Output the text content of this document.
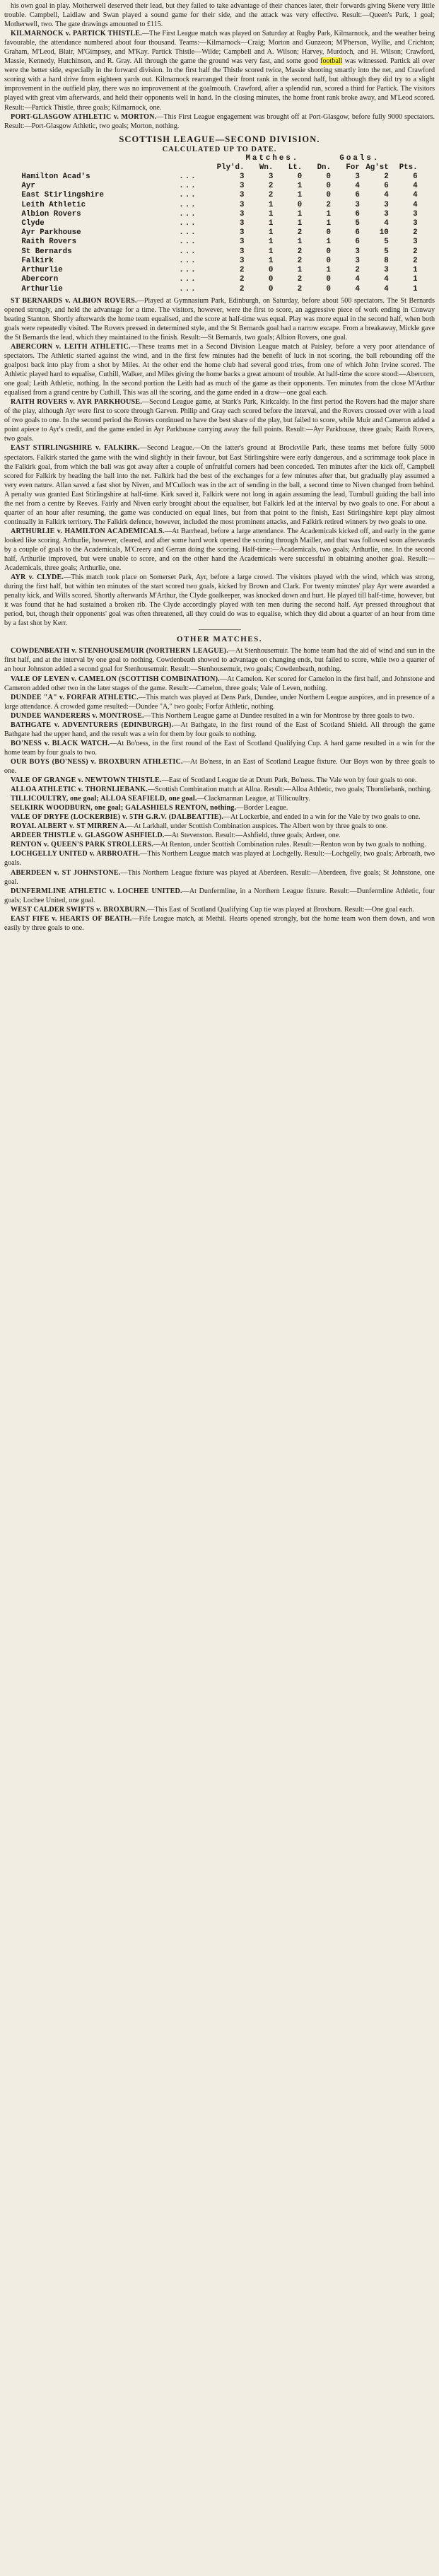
his own goal in play. Motherwell deserved their lead, but they failed to take advantage of their chances later, their forwards giving Skene very little trouble. Campbell, Laidlaw and Swan played a sound game for their side, and the attack was very effective. Result:—Queen's Park, 1 goal; Motherwell, two. The gate drawings amounted to £115.

KILMARNOCK v. PARTICK THISTLE.—The First League match was played on Saturday at Rugby Park, Kilmarnock, and the weather being favourable, the attendance numbered about four thousand. Teams:—Kilmarnock—Craig; Morton and Gunzeon; M'Pherson, Wyllie, and Crichton; Graham, M'Leod, Blair, M'Gimpsey, and M'Kay. Partick Thistle—Wilde; Campbell and A. Wilson; Harvey, Murdoch, and H. Wilson; Crawford, Massie, Kennedy, Hutchinson, and R. Gray. All through the game the ground was very fast, and some good football was witnessed. Partick all over were the better side, especially in the forward division. In the first half the Thistle scored twice, Massie shooting smartly into the net, and Crawford scoring with a hard drive from eighteen yards out. Kilmarnock rearranged their front rank in the second half, but although they did try to a slight improvement in the outfield play, there was no improvement at the goalmouth. Crawford, after a splendid run, scored a third for Partick. The visitors played with great vim afterwards, and held their opponents well in hand. In the closing minutes, the home front rank broke away, and M'Leod scored. Result:—Partick Thistle, three goals; Kilmarnock, one.

PORT-GLASGOW ATHLETIC v. MORTON.—This First League engagement was brought off at Port-Glasgow, before fully 9000 spectators. Result:—Port-Glasgow Athletic, two goals; Morton, nothing.

SCOTTISH LEAGUE—SECOND DIVISION.
CALCULATED UP TO DATE.
		Matches.				Goals.		
		Ply'd.	Wn.	Lt.	Dn.	For	Ag'st	Pts.
Hamilton Acad's	...	3	3	0	0	3	2	6
Ayr	...	3	2	1	0	4	6	4
East Stirlingshire	...	3	2	1	0	6	4	4
Leith Athletic	...	3	1	0	2	3	3	4
Albion Rovers	...	3	1	1	1	6	3	3
Clyde	...	3	1	1	1	5	4	3
Ayr Parkhouse	...	3	1	2	0	6	10	2
Raith Rovers	...	3	1	1	1	6	5	3
St Bernards	...	3	1	2	0	3	5	2
Falkirk	...	3	1	2	0	3	8	2
Arthurlie	...	2	0	1	1	2	3	1
Abercorn	...	2	0	2	0	4	4	1
Arthurlie	...	2	0	2	0	4	4	1

ST BERNARDS v. ALBION ROVERS.—Played at Gymnasium Park, Edinburgh, on Saturday, before about 500 spectators. The St Bernards opened strongly, and held the advantage for a time. The visitors, however, were the first to score, an aggressive piece of work ending in Conway beating Stanton. Shortly afterwards the home team equalised, and the score at half-time was equal. Play was more equal in the second half, when both goals were repeatedly visited. The Rovers pressed in determined style, and the St Bernards goal had a narrow escape. From a breakaway, Mickle gave the St Bernards the lead, which they maintained to the finish. Result:—St Bernards, two goals; Albion Rovers, one goal.

ABERCORN v. LEITH ATHLETIC.—These teams met in a Second Division League match at Paisley, before a very poor attendance of spectators. The Athletic started against the wind, and in the first few minutes had the benefit of luck in not scoring, the ball rebounding off the goalpost back into play from a shot by Miles. At the other end the home club had several good tries, from one of which John Irvine scored. The Athletic played hard to equalise, Cuthill, Walker, and Miles giving the home backs a great amount of trouble. At half-time the score stood:—Abercorn, one goal; Leith Athletic, nothing. In the second portion the Leith had as much of the game as their opponents. Ten minutes from the close M'Arthur equalised from a grand centre by Cuthill. This was all the scoring, and the game ended in a draw—one goal each.

RAITH ROVERS v. AYR PARKHOUSE.—Second League game, at Stark's Park, Kirkcaldy. In the first period the Rovers had the major share of the play, although Ayr were first to score through Garven. Philip and Gray each scored before the interval, and the Rovers crossed over with a lead of two goals to one. In the second period the Rovers continued to have the best share of the play, but failed to score, while Muir and Cameron added a point apiece to Ayr's credit, and the game ended in Ayr Parkhouse carrying away the full points. Result:—Ayr Parkhouse, three goals; Raith Rovers, two goals.

EAST STIRLINGSHIRE v. FALKIRK.—Second League.—On the latter's ground at Brockville Park, these teams met before fully 5000 spectators. Falkirk started the game with the wind slightly in their favour, but East Stirlingshire were early dangerous, and a scrimmage took place in the Falkirk goal, from which the ball was got away after a couple of unfruitful corners had been conceded. Ten minutes after the kick off, Campbell scored for Falkirk by heading the ball into the net. Falkirk had the best of the exchanges for a few minutes after that, but gradually play assumed a very even nature. Allan saved a fast shot by Niven, and M'Culloch was in the act of sending in the ball, a second time to Niven changed from behind. A penalty was granted East Stirlingshire at half-time. Kirk saved it, Falkirk were not long in again assuming the lead, Turnbull guiding the ball into the net from a centre by Reeves. Fairly and Niven early brought about the equaliser, but Falkirk led at the interval by two goals to one. For about a quarter of an hour after resuming, the game was conducted on equal lines, but from that point to the finish, East Stirlingshire kept play almost continually in Falkirk territory. The Falkirk defence, however, included the most prominent attacks, and Falkirk retired winners by two goals to one.

ARTHURLIE v. HAMILTON ACADEMICALS.—At Barrhead, before a large attendance. The Academicals kicked off, and early in the game looked like scoring. Arthurlie, however, cleared, and after some hard work opened the scoring through Mailler, and that was followed soon afterwards by a couple of goals to the Academicals, M'Creery and Gerran doing the scoring. Half-time:—Academicals, two goals; Arthurlie, one. In the second half, Arthurlie improved, but were unable to score, and on the other hand the Academicals were successful in obtaining another goal. Result:—Academicals, three goals; Arthurlie, one.

AYR v. CLYDE.—This match took place on Somerset Park, Ayr, before a large crowd. The visitors played with the wind, which was strong, during the first half, but within ten minutes of the start scored two goals, kicked by Brown and Clark. For twenty minutes' play Ayr were awarded a penalty kick, and Wills scored. Shortly afterwards M'Arthur, the Clyde goalkeeper, was knocked down and hurt. He played till half-time, however, but it was found that he had sustained a broken rib. The Clyde accordingly played with ten men during the second half. Ayr pressed throughout that period, but, though their opponents' goal was often threatened, all they could do was to equalise, which they did about a quarter of an hour from time by a fast shot by Kerr.

OTHER MATCHES.

COWDENBEATH v. STENHOUSEMUIR (NORTHERN LEAGUE).—At Stenhousemuir. The home team had the aid of wind and sun in the first half, and at the interval by one goal to nothing. Cowdenbeath showed to advantage on changing ends, but failed to score, while two a quarter of an hour Johnston added a second goal for Stenhousemuir. Result:—Stenhousemuir, two goals; Cowdenbeath, nothing.

VALE OF LEVEN v. CAMELON (SCOTTISH COMBINATION).—At Camelon. Ker scored for Camelon in the first half, and Johnstone and Cameron added other two in the later stages of the game. Result:—Camelon, three goals; Vale of Leven, nothing.

DUNDEE "A" v. FORFAR ATHLETIC.—This match was played at Dens Park, Dundee, under Northern League auspices, and in presence of a large attendance. A crowded game resulted:—Dundee "A," two goals; Forfar Athletic, nothing.

DUNDEE WANDERERS v. MONTROSE.—This Northern League game at Dundee resulted in a win for Montrose by three goals to two.

BATHGATE v. ADVENTURERS (EDINBURGH).—At Bathgate, in the first round of the East of Scotland Shield. All through the game Bathgate had the upper hand, and the result was a win for them by four goals to nothing.

BO'NESS v. BLACK WATCH.—At Bo'ness, in the first round of the East of Scotland Qualifying Cup. A hard game resulted in a win for the home team by four goals to two.

OUR BOYS (BO'NESS) v. BROXBURN ATHLETIC.—At Bo'ness, in an East of Scotland League fixture. Our Boys won by three goals to one.

VALE OF GRANGE v. NEWTOWN THISTLE.—East of Scotland League tie at Drum Park, Bo'ness. The Vale won by four goals to one.

ALLOA ATHLETIC v. THORNLIEBANK.—Scottish Combination match at Alloa. Result:—Alloa Athletic, two goals; Thornliebank, nothing.

TILLICOULTRY, one goal; ALLOA SEAFIELD, one goal.—Clackmannan League, at Tillicoultry.

SELKIRK WOODBURN, one goal; GALASHIELS RENTON, nothing.—Border League.

VALE OF DRYFE (LOCKERBIE) v. 5TH G.R.V. (DALBEATTIE).—At Lockerbie, and ended in a win for the Vale by two goals to one.

ROYAL ALBERT v. ST MIRREN A.—At Larkhall, under Scottish Combination auspices. The Albert won by three goals to one.

ARDEER THISTLE v. GLASGOW ASHFIELD.—At Stevenston. Result:—Ashfield, three goals; Ardeer, one.

RENTON v. QUEEN'S PARK STROLLERS.—At Renton, under Scottish Combination rules. Result:—Renton won by two goals to nothing.

LOCHGELLY UNITED v. ARBROATH.—This Northern League match was played at Lochgelly. Result:—Lochgelly, two goals; Arbroath, two goals.

ABERDEEN v. ST JOHNSTONE.—This Northern League fixture was played at Aberdeen. Result:—Aberdeen, five goals; St Johnstone, one goal.

DUNFERMLINE ATHLETIC v. LOCHEE UNITED.—At Dunfermline, in a Northern League fixture. Result:—Dunfermline Athletic, four goals; Lochee United, one goal.

WEST CALDER SWIFTS v. BROXBURN.—This East of Scotland Qualifying Cup tie was played at Broxburn. Result:—One goal each.

EAST FIFE v. HEARTS OF BEATH.—Fife League match, at Methil. Hearts opened strongly, but the home team won them down, and won easily by three goals to one.
